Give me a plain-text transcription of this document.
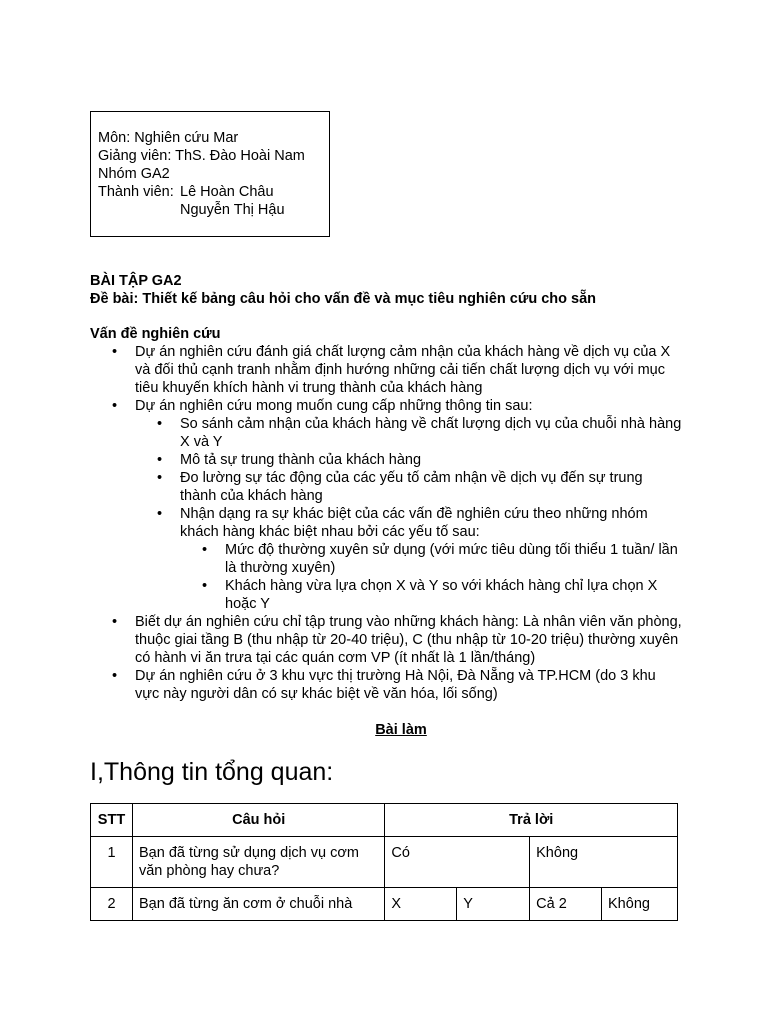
Môn: Nghiên cứu Mar
Giảng viên: ThS. Đào Hoài Nam
Nhóm GA2
Thành viên: Lê Hoàn Châu
Nguyễn Thị Hậu
BÀI TẬP GA2
Đề bài: Thiết kế bảng câu hỏi cho vấn đề và mục tiêu nghiên cứu cho sẵn
Vấn đề nghiên cứu
• Dự án nghiên cứu đánh giá chất lượng cảm nhận của khách hàng về dịch vụ của X và đối thủ cạnh tranh nhằm định hướng những cải tiến chất lượng dịch vụ với mục tiêu khuyến khích hành vi trung thành của khách hàng
• Dự án nghiên cứu mong muốn cung cấp những thông tin sau:
• So sánh cảm nhận của khách hàng về chất lượng dịch vụ của chuỗi nhà hàng X và Y
• Mô tả sự trung thành của khách hàng
• Đo lường sự tác động của các yếu tố cảm nhận về dịch vụ đến sự trung thành của khách hàng
• Nhận dạng ra sự khác biệt của các vấn đề nghiên cứu theo những nhóm khách hàng khác biệt nhau bởi các yếu tố sau:
• Mức độ thường xuyên sử dụng (với mức tiêu dùng tối thiểu 1 tuần/ lần là thường xuyên)
• Khách hàng vừa lựa chọn X và Y so với khách hàng chỉ lựa chọn X hoặc Y
• Biết dự án nghiên cứu chỉ tập trung vào những khách hàng: Là nhân viên văn phòng, thuộc giai tầng B (thu nhập từ 20-40 triệu), C (thu nhập từ 10-20 triệu) thường xuyên có hành vi ăn trưa tại các quán cơm VP (ít nhất là 1 lần/tháng)
• Dự án nghiên cứu ở 3 khu vực thị trường Hà Nội, Đà Nẵng và TP.HCM (do 3 khu vực này người dân có sự khác biệt về văn hóa, lối sống)
Bài làm
I,Thông tin tổng quan:
STT	Câu hỏi	Trả lời			
1	Bạn đã từng sử dụng dịch vụ cơm văn phòng hay chưa?	Có		Không	
2	Bạn đã từng ăn cơm ở chuỗi nhà	X	Y	Cả 2	Không
